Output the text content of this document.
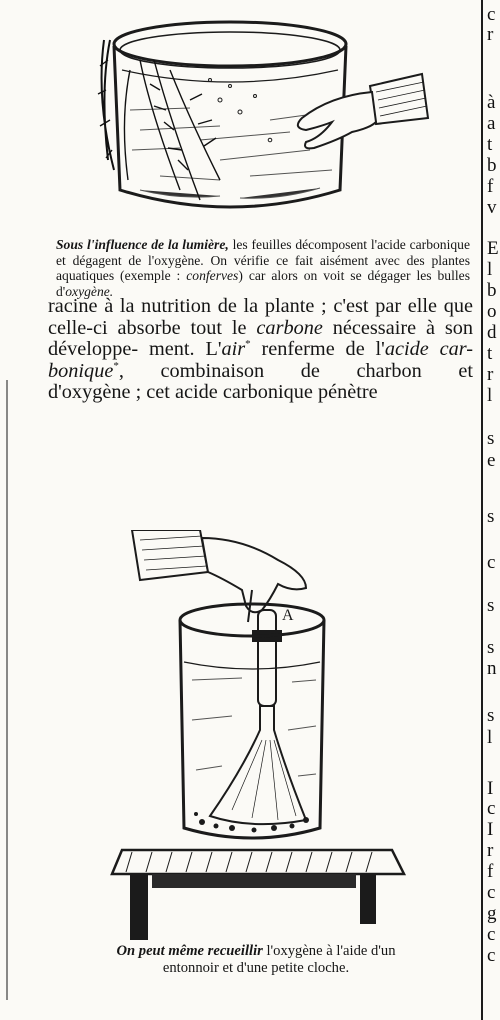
Sous l'influence de la lumière, les feuilles décomposent l'acide carbonique et dégagent de l'oxygène. On vérifie ce fait aisément avec des plantes aquatiques (exemple : conferves) car alors on voit se dégager les bulles d'oxygène.
racine à la nutrition de la plante ; c'est par elle que celle-ci absorbe tout le carbone nécessaire à son développe- ment. L'air* renferme de l'acide car- bonique*, combinaison de charbon et
d'oxygène ; cet acide carbonique pénètre
A
On peut même recueillir l'oxygène à l'aide d'un
entonnoir et d'une petite cloche.
c
r
à
a
t
b
f
v
E
l
b
o
d
t
r
l
s
e
s
c
s
s
n
s
l
I
c
I
r
f
c
g
c
c
